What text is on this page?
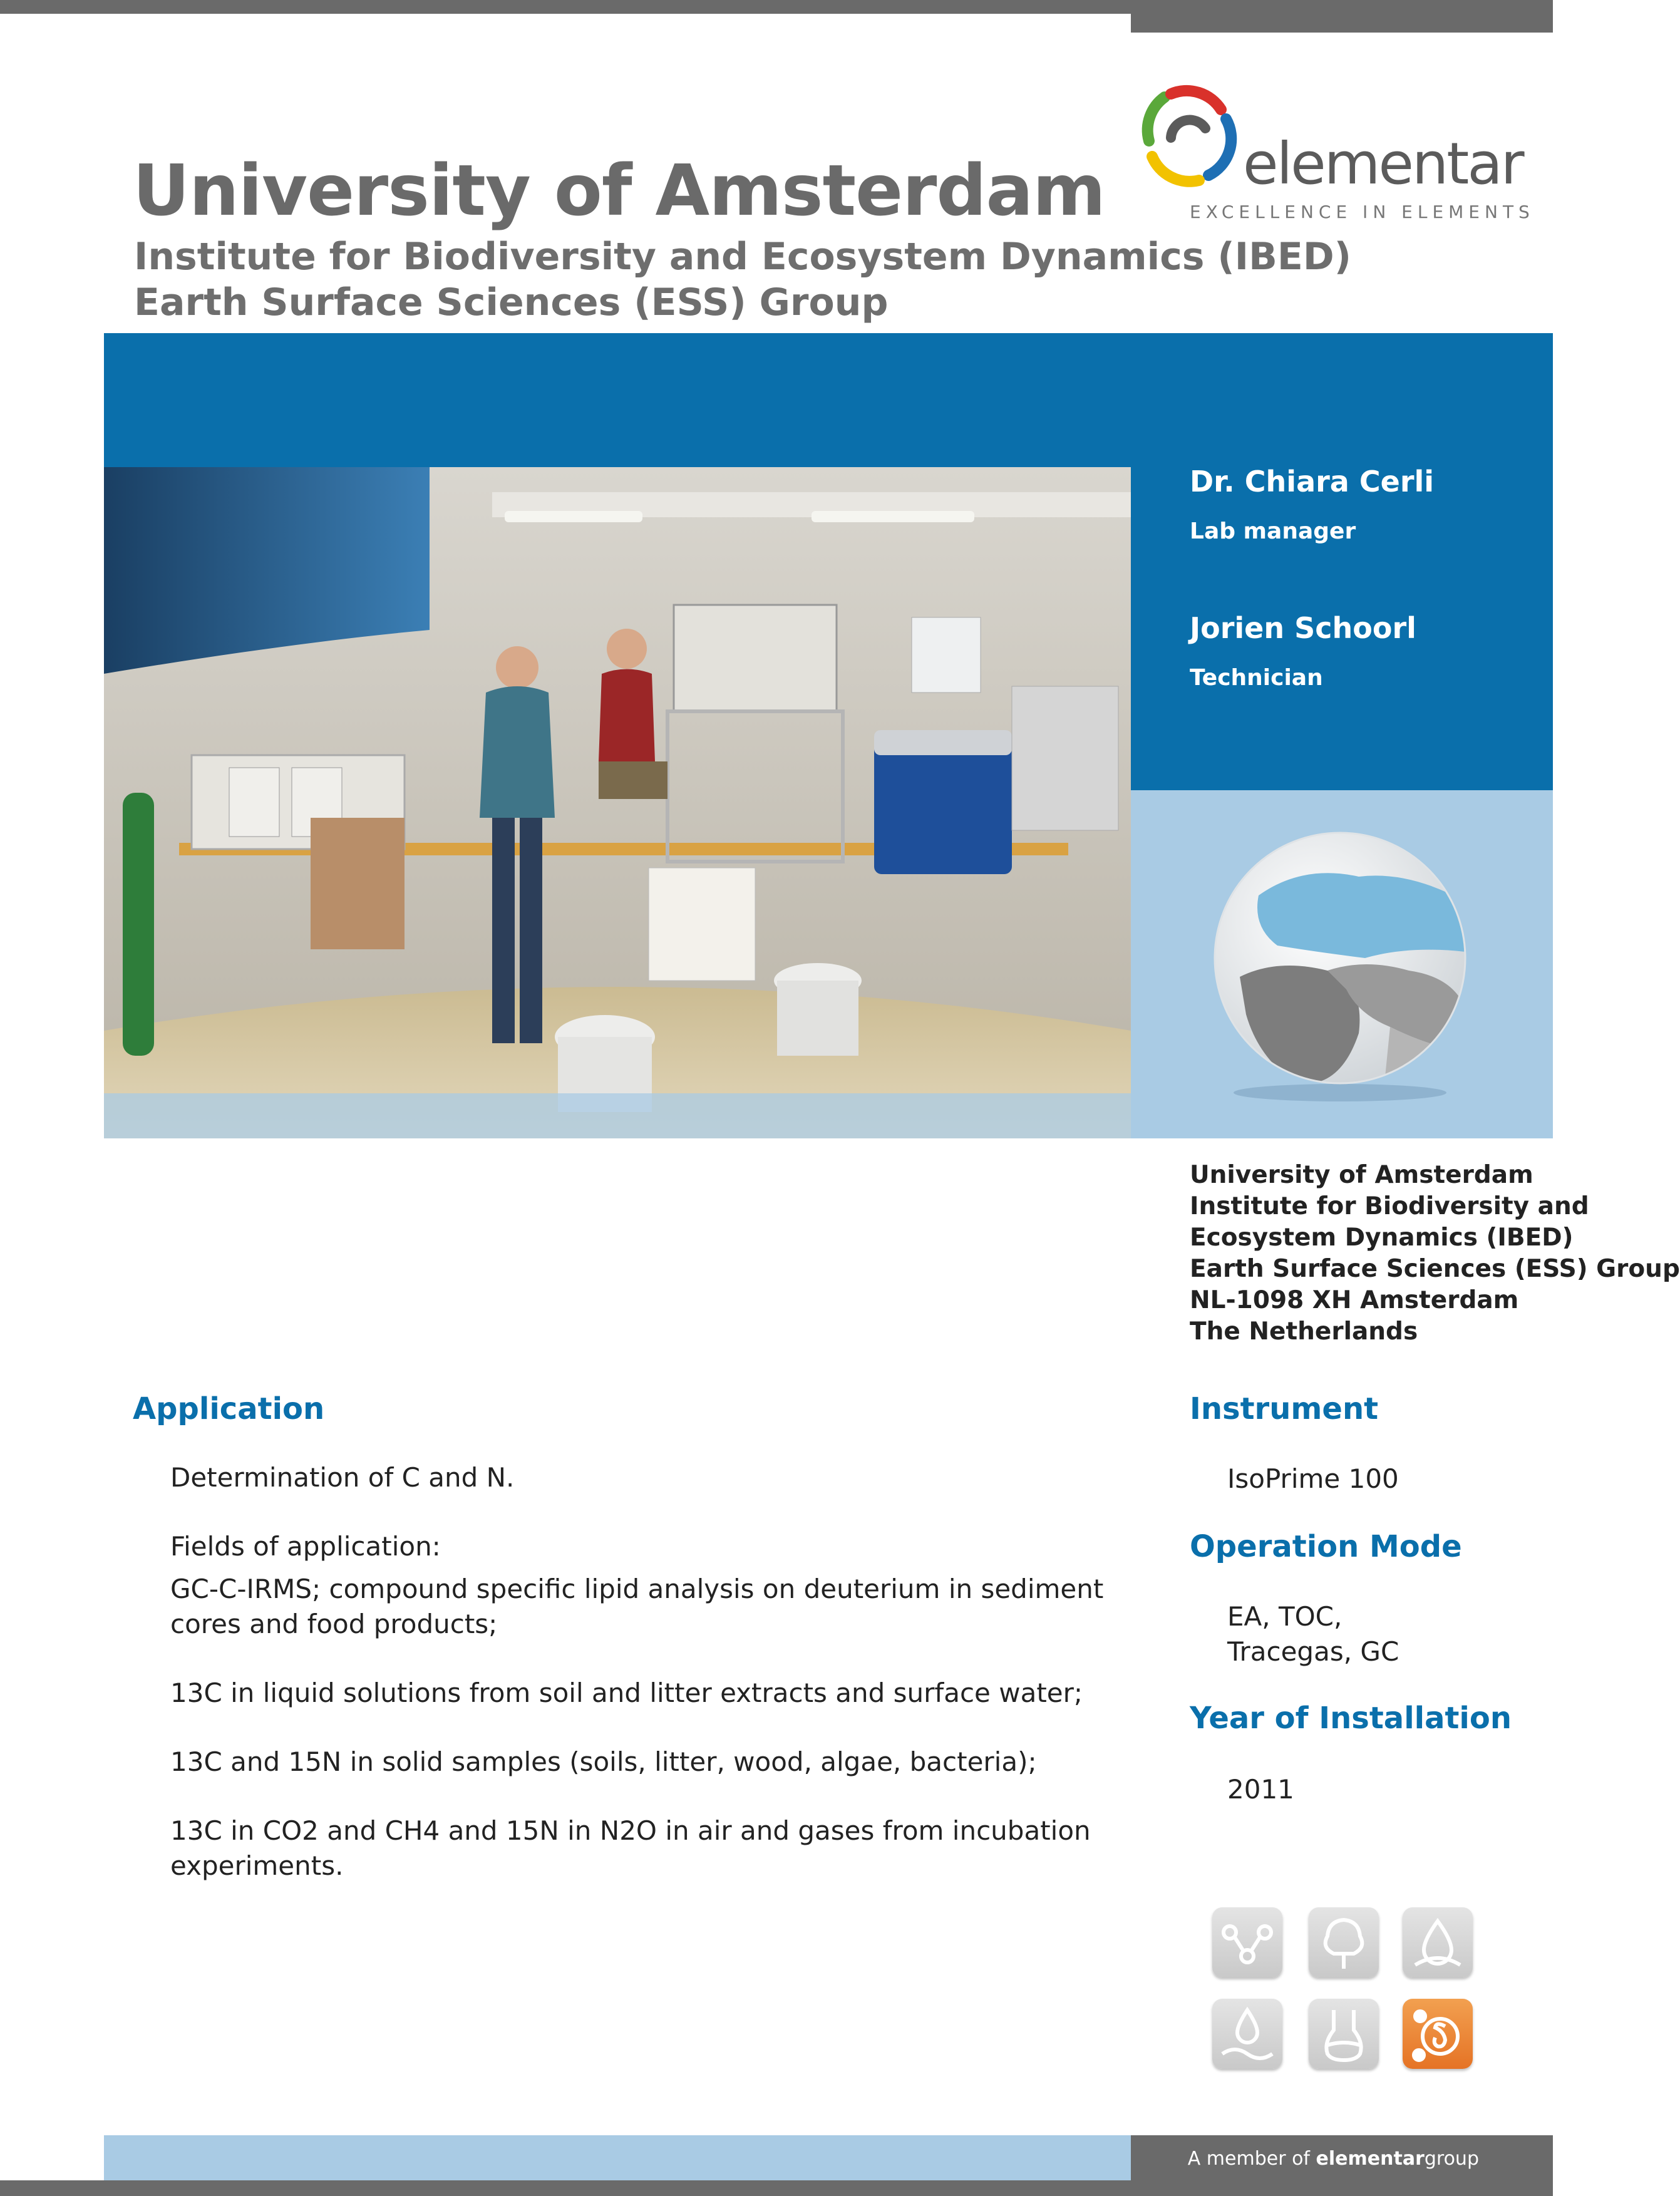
elementar
EXCELLENCE IN ELEMENTS
University of Amsterdam
Institute for Biodiversity and Ecosystem Dynamics (IBED)
Earth Surface Sciences (ESS) Group
Dr. Chiara Cerli
Lab manager
Jorien Schoorl
Technician
University of Amsterdam
Institute for Biodiversity and
Ecosystem Dynamics (IBED)
Earth Surface Sciences (ESS) Group
NL-1098 XH Amsterdam
The Netherlands
Application

Determination of C and N.

Fields of application:

GC-C-IRMS; compound specific lipid analysis on deuterium in sediment cores and food products;

13C in liquid solutions from soil and litter extracts and surface water;

13C and 15N in solid samples (soils, litter, wood, algae, bacteria);

13C in CO2 and CH4 and 15N in N2O in air and gases from incubation experiments.

Instrument
IsoPrime 100
Operation Mode
EA, TOC,
Tracegas, GC
Year of Installation
2011
A member of elementargroup
